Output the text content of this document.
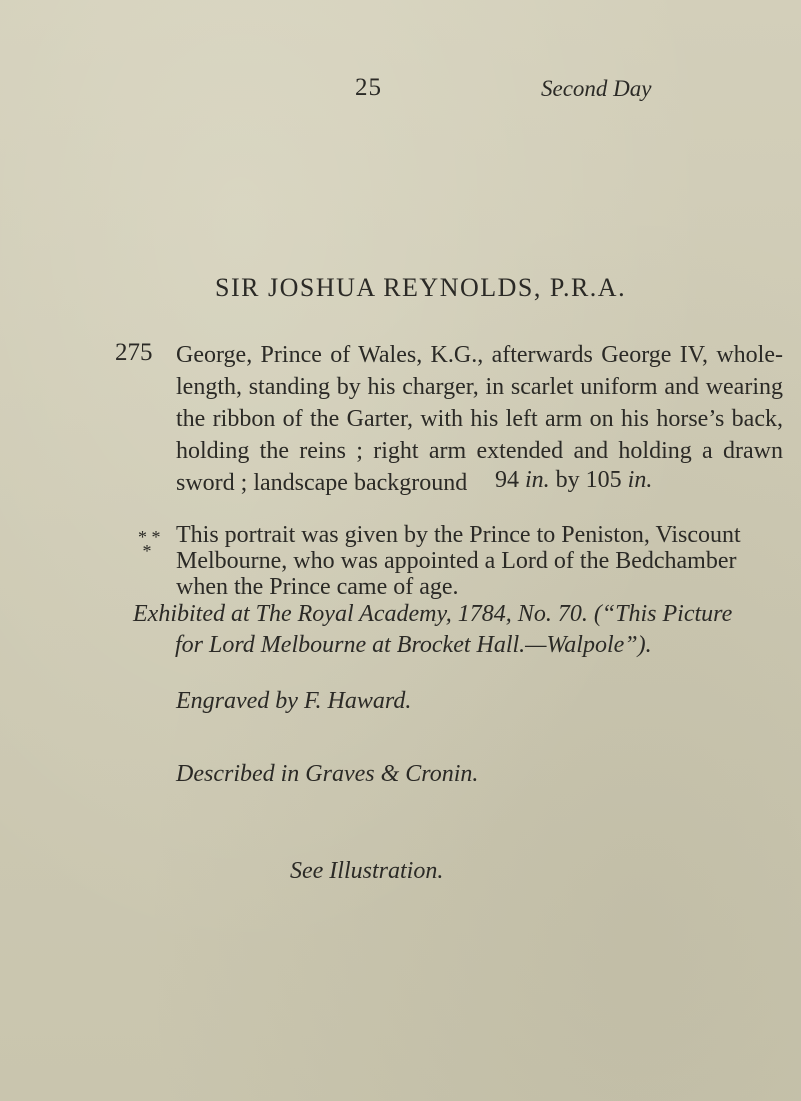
25	Second Day
SIR JOSHUA REYNOLDS, P.R.A.
275 George, Prince of Wales, K.G., afterwards George IV, whole-length, standing by his charger, in scarlet uniform and wearing the ribbon of the Garter, with his left arm on his horse’s back, holding the reins ; right arm extended and holding a drawn sword ; landscape background	94 in. by 105 in.
* *
*
This portrait was given by the Prince to Peniston, Viscount
Melbourne, who was appointed a Lord of the Bedchamber
when the Prince came of age.
Exhibited at The Royal Academy, 1784, No. 70. (“This Picture
for Lord Melbourne at Brocket Hall.—Walpole”).
Engraved by F. Haward.
Described in Graves & Cronin.
See Illustration.
